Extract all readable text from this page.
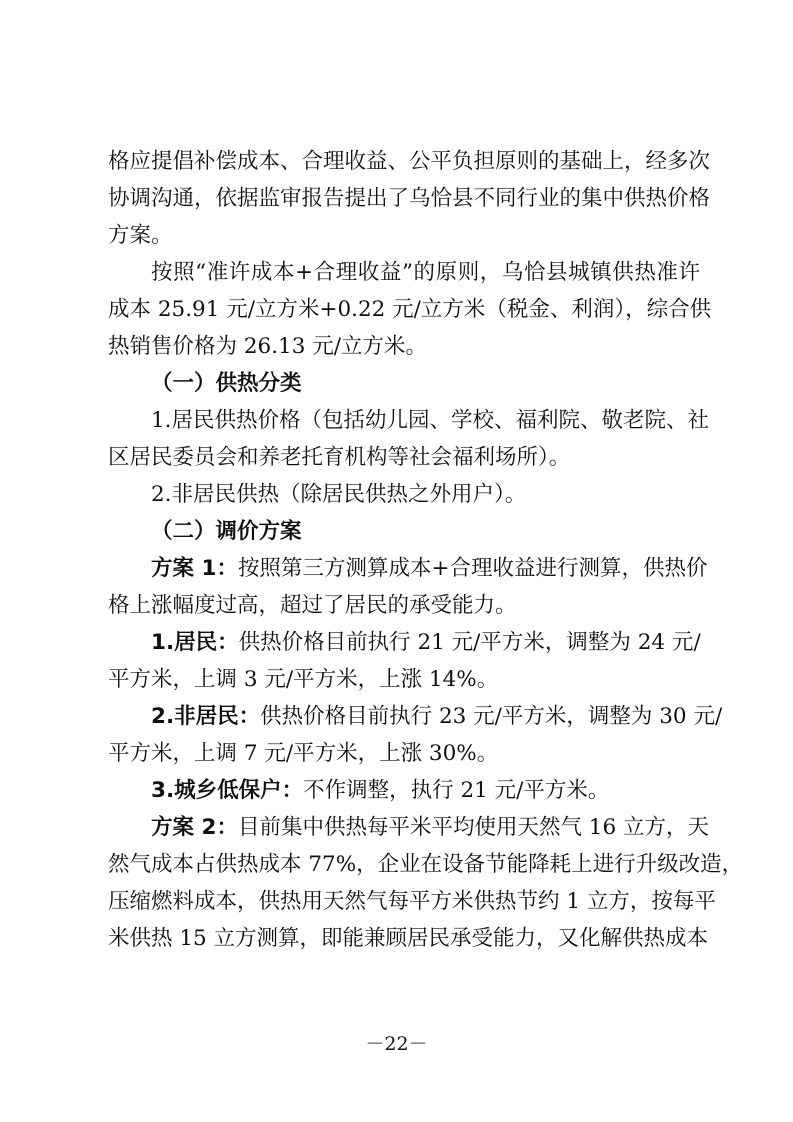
格应提倡补偿成本、合理收益、公平负担原则的基础上，经多次
协调沟通，依据监审报告提出了乌恰县不同行业的集中供热价格
方案。
按照“准许成本+合理收益”的原则，乌恰县城镇供热准许
成本 25.91 元/立方米+0.22 元/立方米（税金、利润），综合供
热销售价格为 26.13 元/立方米。
（一）供热分类
1.居民供热价格（包括幼儿园、学校、福利院、敬老院、社
区居民委员会和养老托育机构等社会福利场所）。
2.非居民供热（除居民供热之外用户）。
（二）调价方案
方案 1：按照第三方测算成本+合理收益进行测算，供热价
格上涨幅度过高，超过了居民的承受能力。
1.居民：供热价格目前执行 21 元/平方米，调整为 24 元/
平方米，上调 3 元/平方米，上涨 14%。
2.非居民：供热价格目前执行 23 元/平方米，调整为 30 元/
平方米，上调 7 元/平方米，上涨 30%。
3.城乡低保户：不作调整，执行 21 元/平方米。
方案 2：目前集中供热每平米平均使用天然气 16 立方，天
然气成本占供热成本 77%，企业在设备节能降耗上进行升级改造，
压缩燃料成本，供热用天然气每平方米供热节约 1 立方，按每平
米供热 15 立方测算，即能兼顾居民承受能力，又化解供热成本
－22－
